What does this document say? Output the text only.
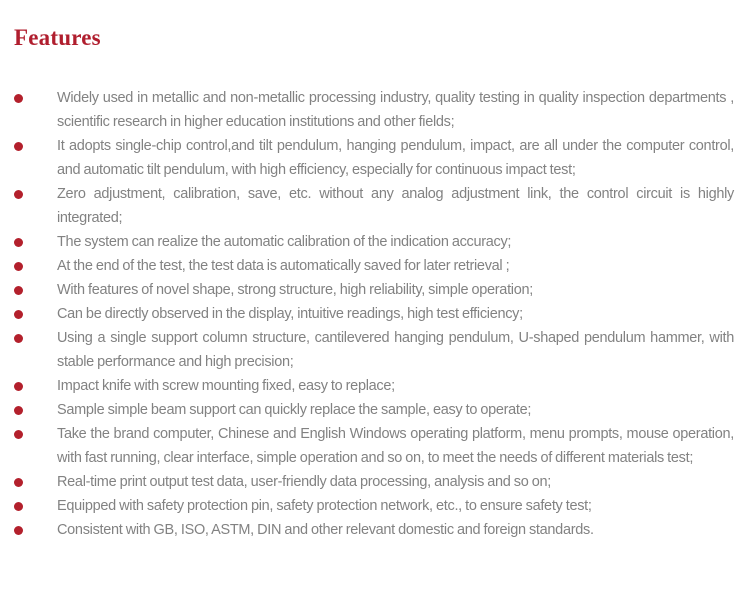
Features
Widely used in metallic and non-metallic processing industry, quality testing in quality inspection departments , scientific research in higher education institutions and other fields;
It adopts single-chip control,and tilt pendulum, hanging pendulum, impact, are all under the computer control, and automatic tilt pendulum, with high efficiency, especially for continuous impact test;
Zero adjustment, calibration, save, etc. without any analog adjustment link, the control circuit is highly integrated;
The system can realize the automatic calibration of the indication accuracy;
At the end of the test, the test data is automatically saved for later retrieval ;
With features of novel shape, strong structure, high reliability, simple operation;
Can be directly observed in the display, intuitive readings, high test efficiency;
Using a single support column structure, cantilevered hanging pendulum, U-shaped pendulum hammer, with stable performance and high precision;
Impact knife with screw mounting fixed, easy to replace;
Sample simple beam support can quickly replace the sample, easy to operate;
Take the brand computer, Chinese and English Windows operating platform, menu prompts, mouse operation, with fast running, clear interface, simple operation and so on, to meet the needs of different materials test;
Real-time print output test data, user-friendly data processing, analysis and so on;
Equipped with safety protection pin, safety protection network, etc., to ensure safety test;
Consistent with GB, ISO, ASTM, DIN and other relevant domestic and foreign standards.
